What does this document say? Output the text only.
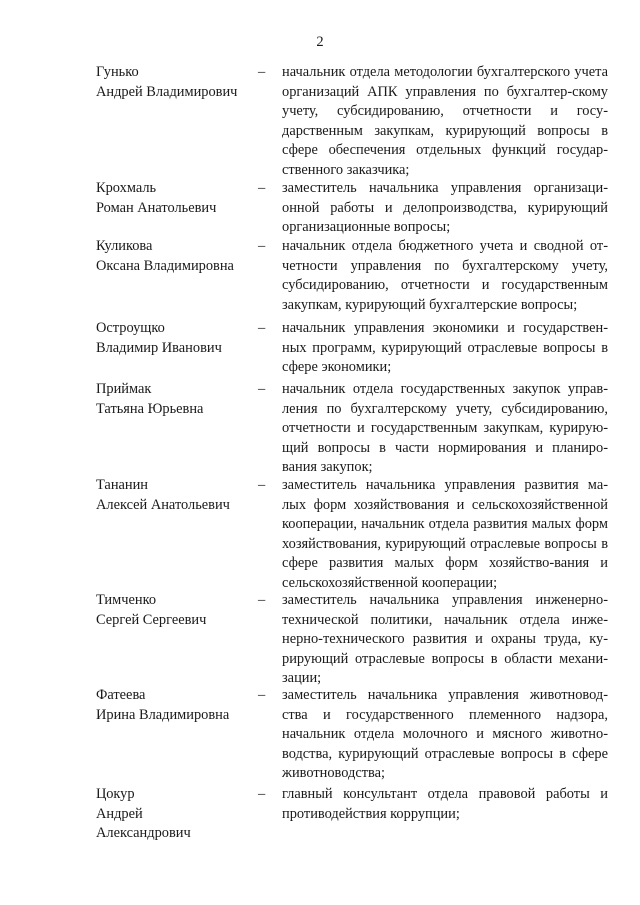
2
Гунько
Андрей Владимирович
– начальник отдела методологии бухгалтерского учета организаций АПК управления по бухгалтер-скому учету, субсидированию, отчетности и госу-дарственным закупкам, курирующий вопросы в сфере обеспечения отдельных функций государ-ственного заказчика;
Крохмаль
Роман Анатольевич
– заместитель начальника управления организаци-онной работы и делопроизводства, курирующий организационные вопросы;
Куликова
Оксана Владимировна
– начальник отдела бюджетного учета и сводной от-четности управления по бухгалтерскому учету, субсидированию, отчетности и государственным закупкам, курирующий бухгалтерские вопросы;
Остроущко
Владимир Иванович
– начальник управления экономики и государствен-ных программ, курирующий отраслевые вопросы в сфере экономики;
Приймак
Татьяна Юрьевна
– начальник отдела государственных закупок управ-ления по бухгалтерскому учету, субсидированию, отчетности и государственным закупкам, курирую-щий вопросы в части нормирования и планиро-вания закупок;
Тананин
Алексей Анатольевич
– заместитель начальника управления развития ма-лых форм хозяйствования и сельскохозяйственной кооперации, начальник отдела развития малых форм хозяйствования, курирующий отраслевые вопросы в сфере развития малых форм хозяйство-вания и сельскохозяйственной кооперации;
Тимченко
Сергей Сергеевич
– заместитель начальника управления инженерно-технической политики, начальник отдела инже-нерно-технического развития и охраны труда, ку-рирующий отраслевые вопросы в области механи-зации;
Фатеева
Ирина Владимировна
– заместитель начальника управления животновод-ства и государственного племенного надзора, начальник отдела молочного и мясного животно-водства, курирующий отраслевые вопросы в сфере животноводства;
Цокур
Андрей
Александрович
– главный консультант отдела правовой работы и противодействия коррупции;
